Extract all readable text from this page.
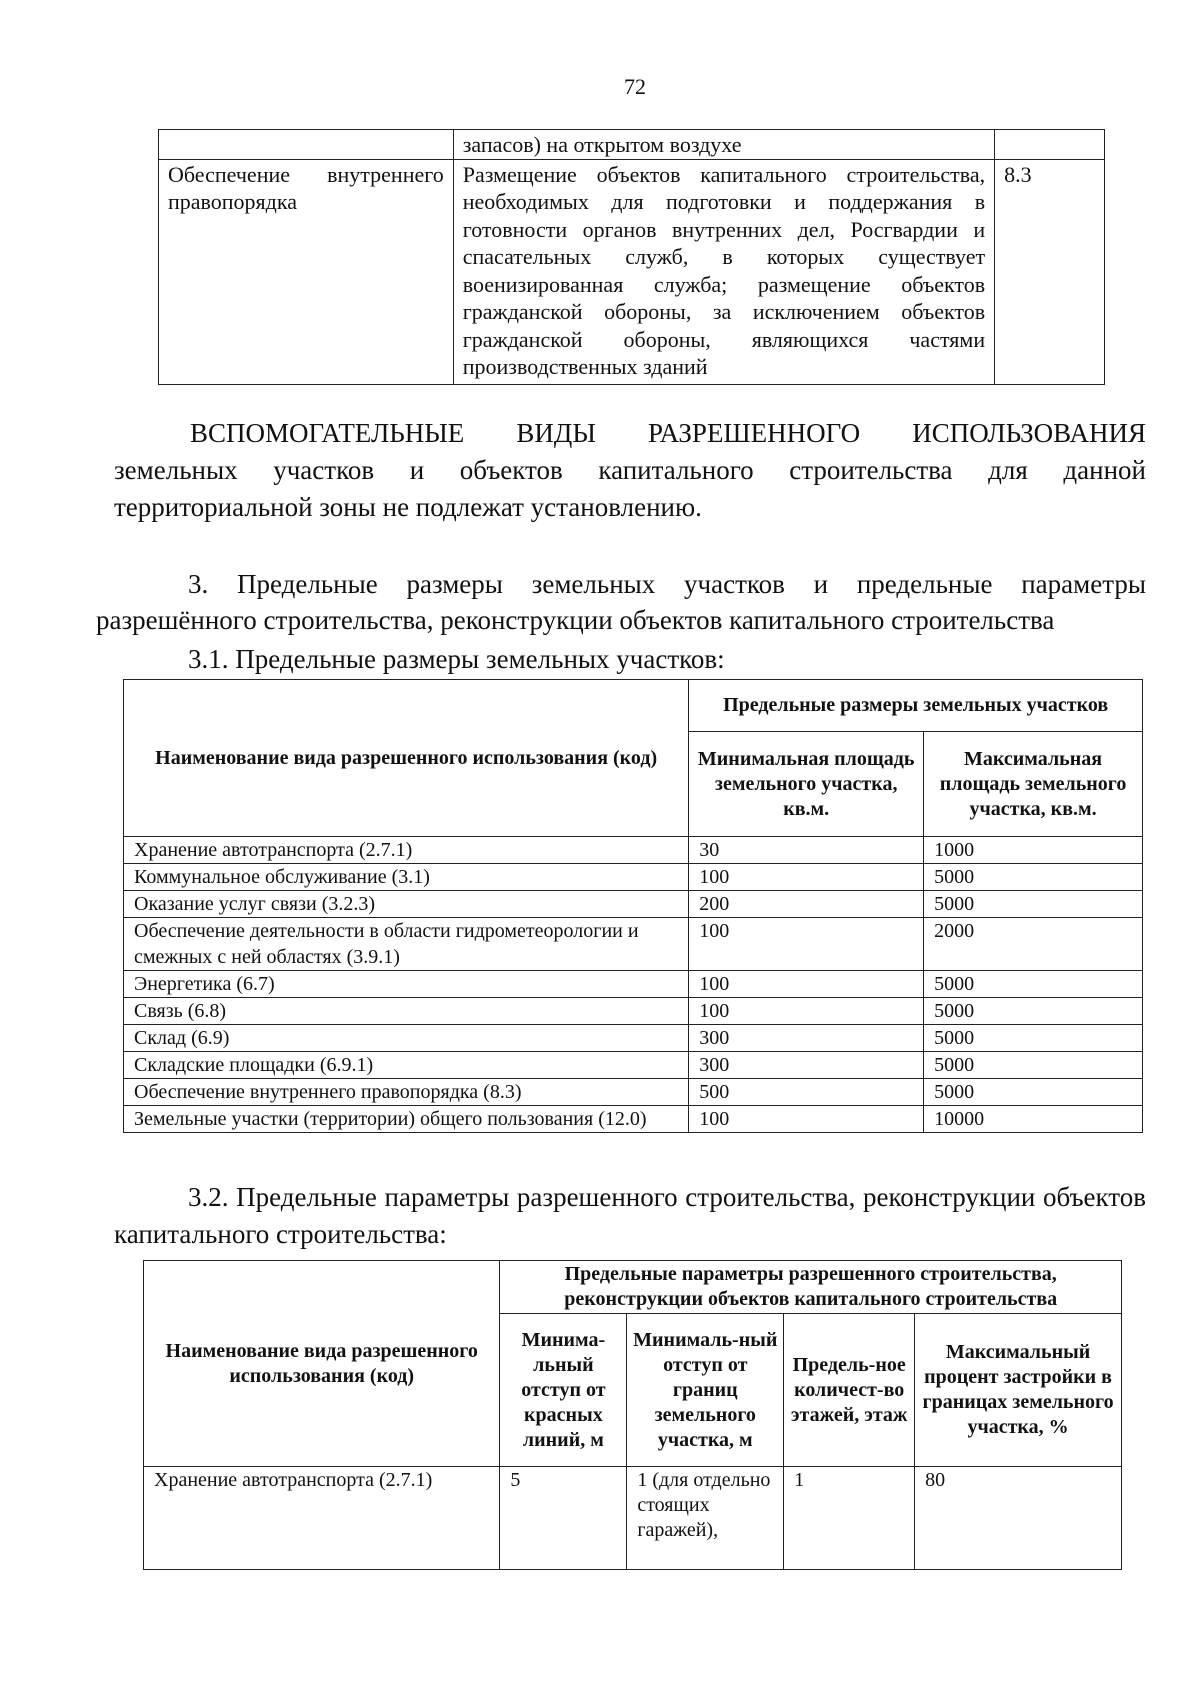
72
	запасов) на открытом воздухе	
Обеспечение внутреннего правопорядка	Размещение объектов капитального строительства, необходимых для подготовки и поддержания в готовности органов внутренних дел, Росгвардии и спасательных служб, в которых существует военизированная служба; размещение объектов гражданской обороны, за исключением объектов гражданской обороны, являющихся частями производственных зданий	8.3
ВСПОМОГАТЕЛЬНЫЕ ВИДЫ РАЗРЕШЕННОГО ИСПОЛЬЗОВАНИЯ
земельных участков и объектов капитального строительства для данной территориальной зоны не подлежат установлению.
3. Предельные размеры земельных участков и предельные параметры разрешённого строительства, реконструкции объектов капитального строительства
3.1. Предельные размеры земельных участков:
Наименование вида разрешенного использования (код)	Предельные размеры земельных участков	
	Минимальная площадь земельного участка, кв.м.	Максимальная площадь земельного участка, кв.м.
Хранение автотранспорта (2.7.1)	30	1000
Коммунальное обслуживание (3.1)	100	5000
Оказание услуг связи (3.2.3)	200	5000
Обеспечение деятельности в области гидрометеорологии и смежных с ней областях (3.9.1)	100	2000
Энергетика (6.7)	100	5000
Связь (6.8)	100	5000
Склад (6.9)	300	5000
Складские площадки (6.9.1)	300	5000
Обеспечение внутреннего правопорядка (8.3)	500	5000
Земельные участки (территории) общего пользования (12.0)	100	10000
3.2. Предельные параметры разрешенного строительства, реконструкции объектов капитального строительства:
Наименование вида разрешенного использования (код)	Предельные параметры разрешенного строительства, реконструкции объектов капитального строительства			
	Минима-льный отступ от красных линий, м	Минималь-ный отступ от границ земельного участка, м	Предель-ное количест-во этажей, этаж	Максимальный процент застройки в границах земельного участка, %
Хранение автотранспорта (2.7.1)	5	1 (для отдельно стоящих гаражей),	1	80
